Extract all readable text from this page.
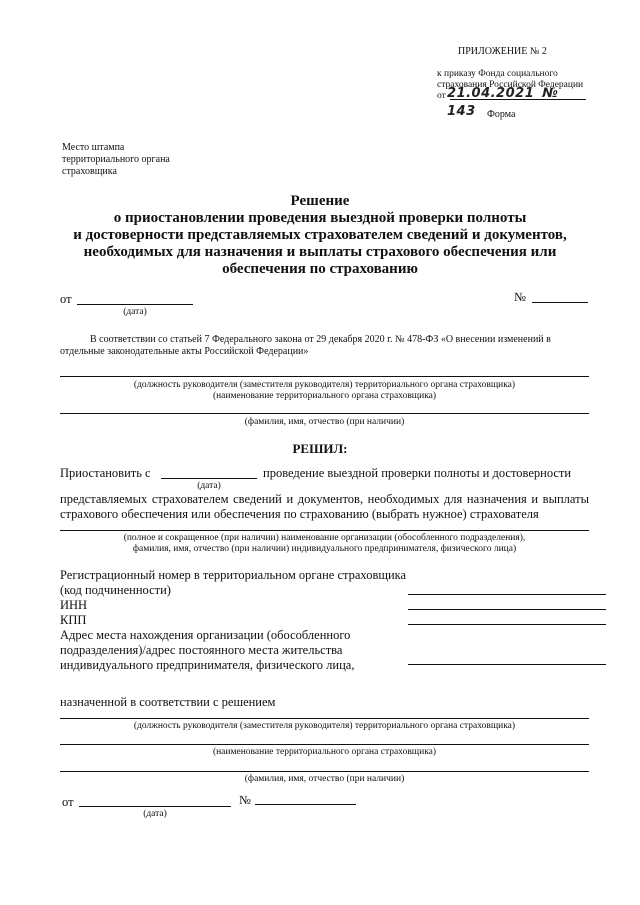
ПРИЛОЖЕНИЕ № 2
к приказу Фонда социального
страхования Российской Федерации
от 21.04.2021 № 143	Форма
Место штампа
территориального органа
страховщика
Решение
о приостановлении проведения выездной проверки полноты
и достоверности представляемых страхователем сведений и документов,
необходимых для назначения и выплаты страхового обеспечения или
обеспечения по страхованию
от
(дата)
№
В соответствии со статьей 7 Федерального закона от 29 декабря 2020 г. № 478-ФЗ «О внесении изменений в
отдельные законодательные акты Российской Федерации»
(должность руководителя (заместителя руководителя) территориального органа страховщика)
(наименование территориального органа страховщика)
(фамилия, имя, отчество (при наличии)
РЕШИЛ:
Приостановить с	проведение выездной проверки полноты и достоверности
(дата)
представляемых страхователем сведений и документов, необходимых для назначения и выплаты
страхового обеспечения или обеспечения по страхованию (выбрать нужное) страхователя
(полное и сокращенное (при наличии) наименование организации (обособленного подразделения),
фамилия, имя, отчество (при наличии) индивидуального предпринимателя, физического лица)
Регистрационный номер в территориальном органе страховщика
(код подчиненности)
ИНН
КПП
Адрес места нахождения организации (обособленного
подразделения)/адрес постоянного места жительства
индивидуального предпринимателя, физического лица,
назначенной в соответствии с решением
(должность руководителя (заместителя руководителя) территориального органа страховщика)
(наименование территориального органа страховщика)
(фамилия, имя, отчество (при наличии)
от	№
(дата)
